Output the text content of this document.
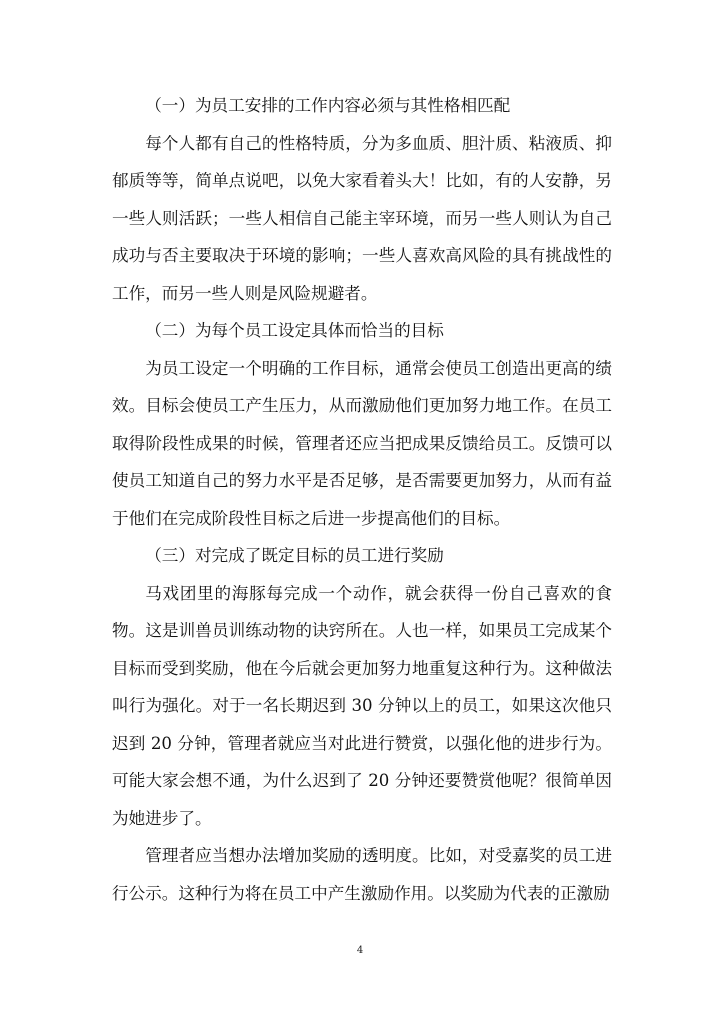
（一）为员工安排的工作内容必须与其性格相匹配

每个人都有自己的性格特质，分为多血质、胆汁质、粘液质、抑郁质等等，简单点说吧，以免大家看着头大！比如，有的人安静，另一些人则活跃；一些人相信自己能主宰环境，而另一些人则认为自己成功与否主要取决于环境的影响；一些人喜欢高风险的具有挑战性的工作，而另一些人则是风险规避者。

（二）为每个员工设定具体而恰当的目标

为员工设定一个明确的工作目标，通常会使员工创造出更高的绩效。目标会使员工产生压力，从而激励他们更加努力地工作。在员工取得阶段性成果的时候，管理者还应当把成果反馈给员工。反馈可以使员工知道自己的努力水平是否足够，是否需要更加努力，从而有益于他们在完成阶段性目标之后进一步提高他们的目标。

（三）对完成了既定目标的员工进行奖励

马戏团里的海豚每完成一个动作，就会获得一份自己喜欢的食物。这是训兽员训练动物的诀窍所在。人也一样，如果员工完成某个目标而受到奖励，他在今后就会更加努力地重复这种行为。这种做法叫行为强化。对于一名长期迟到 30 分钟以上的员工，如果这次他只迟到 20 分钟，管理者就应当对此进行赞赏，以强化他的进步行为。可能大家会想不通，为什么迟到了 20 分钟还要赞赏他呢？很简单因为她进步了。

管理者应当想办法增加奖励的透明度。比如，对受嘉奖的员工进行公示。这种行为将在员工中产生激励作用。以奖励为代表的正激励

4
